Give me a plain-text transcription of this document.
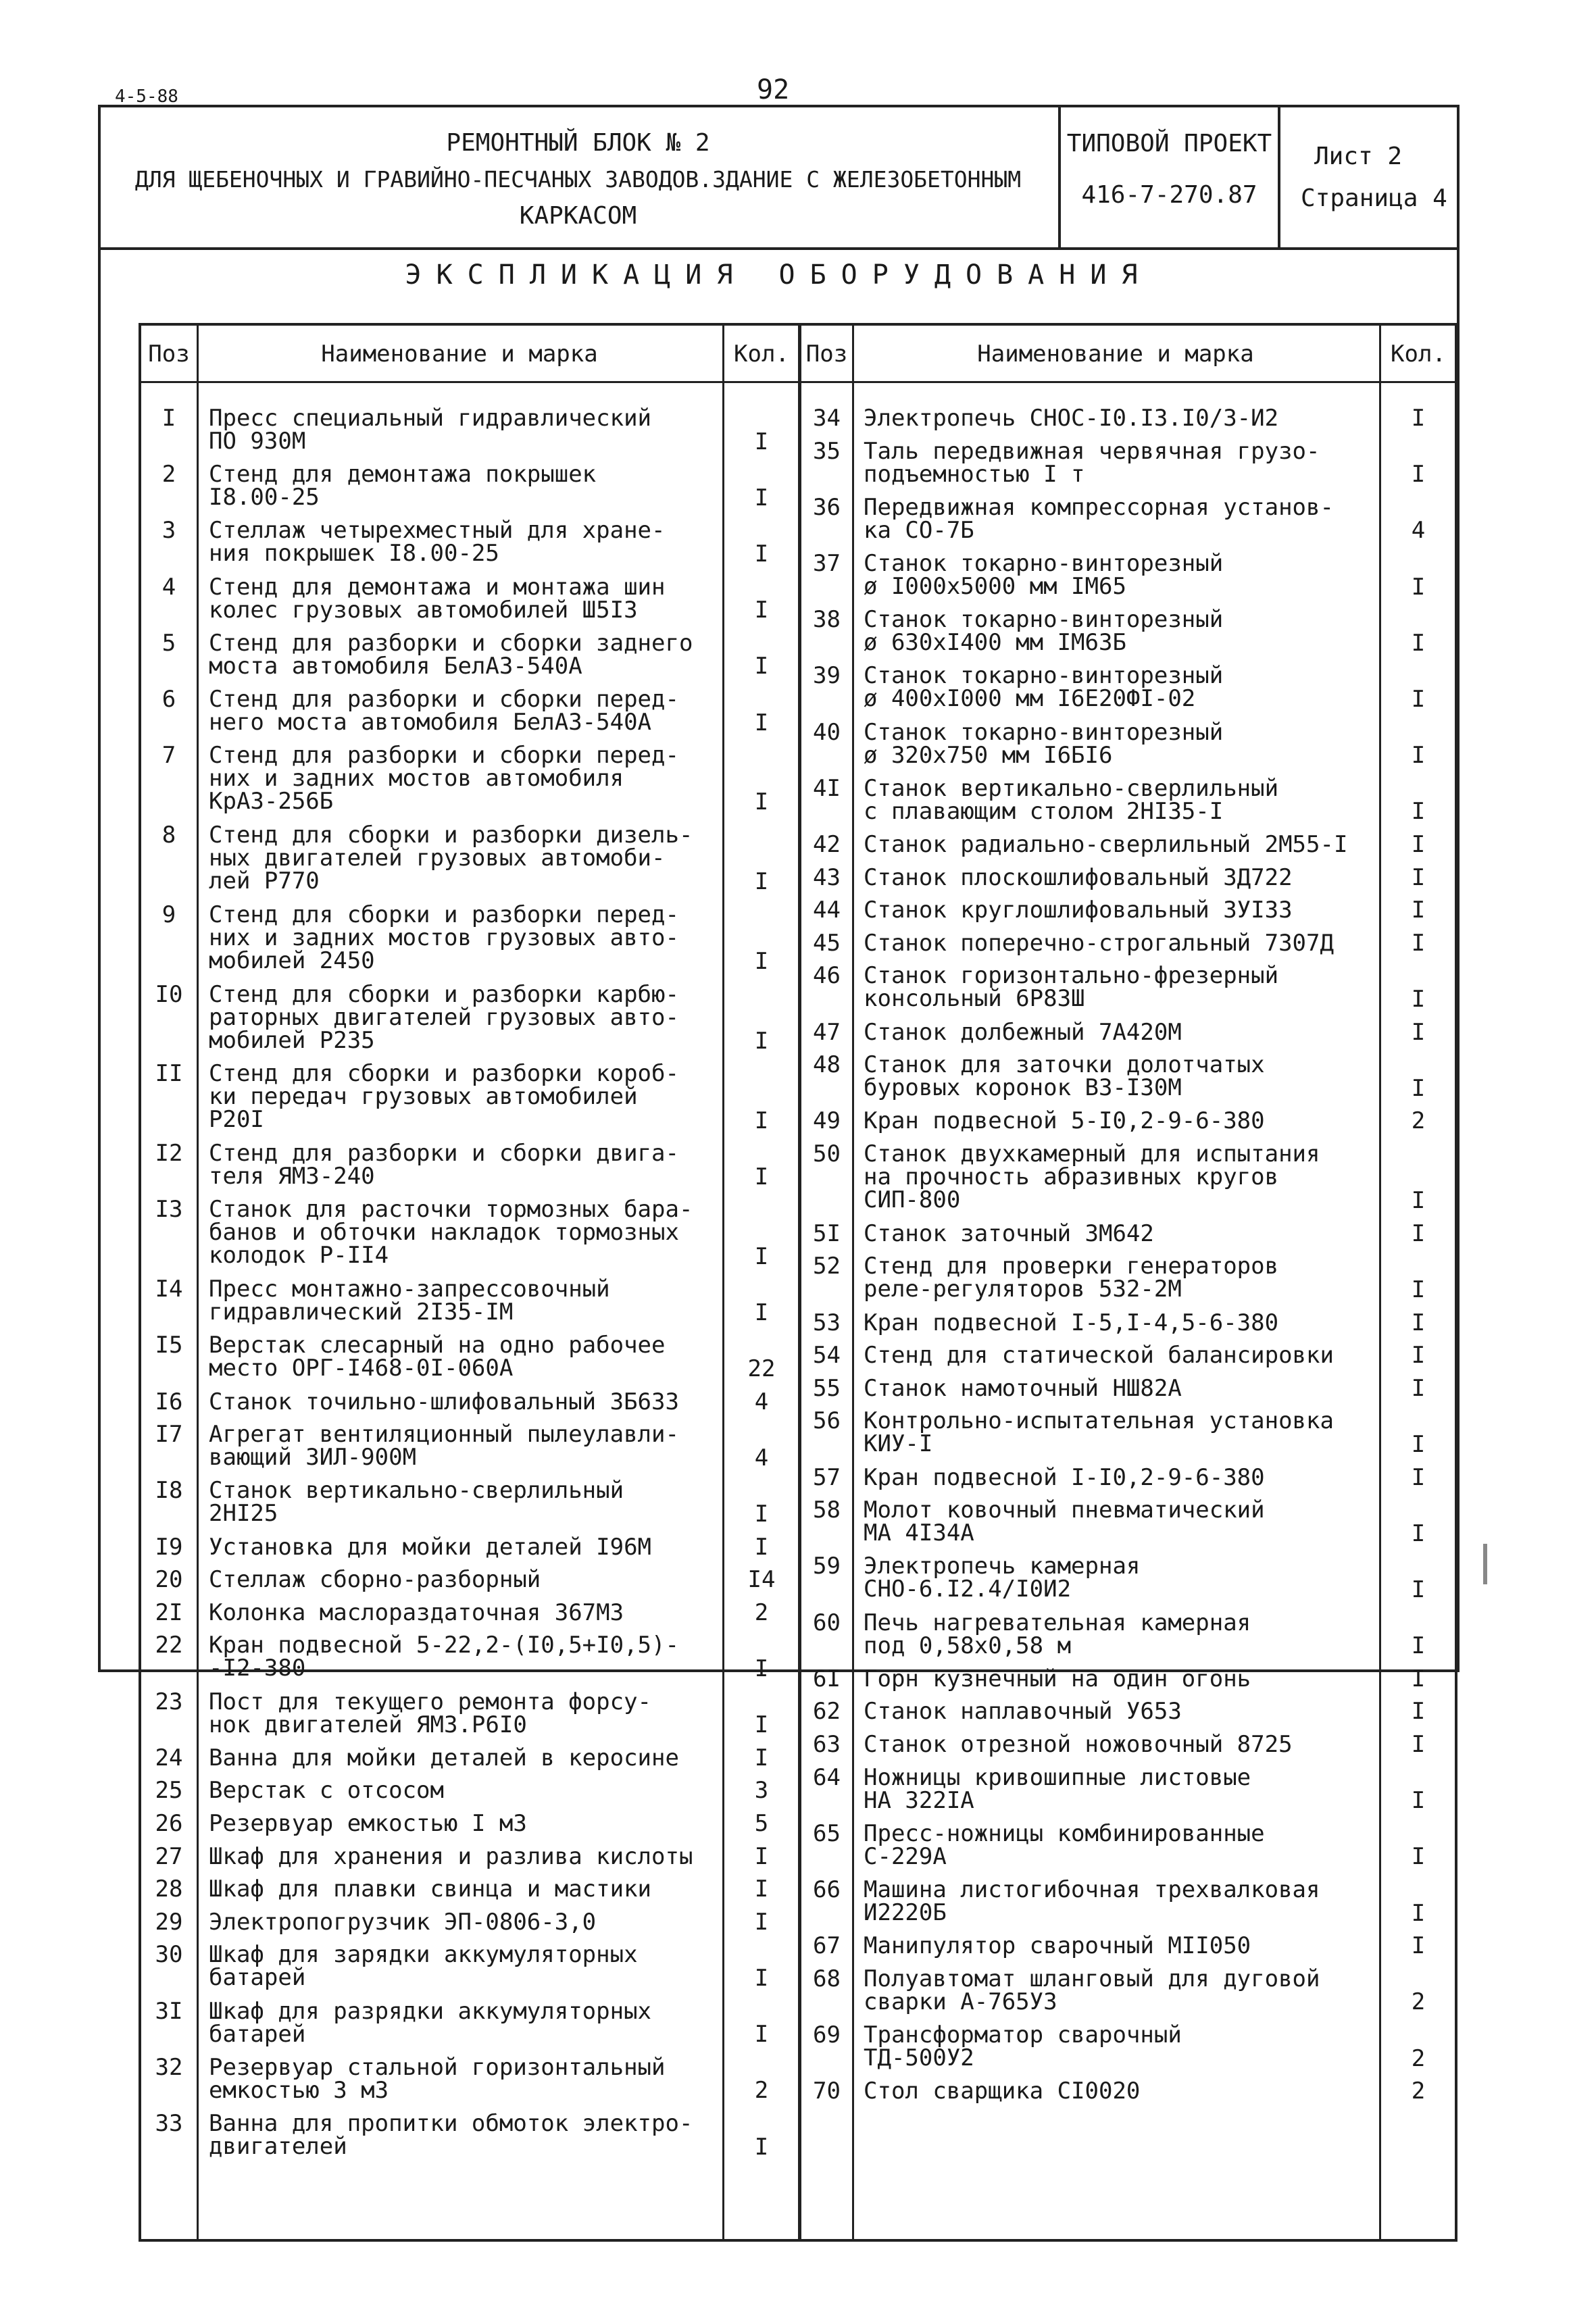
4-5-88	92
РЕМОНТНЫЙ БЛОК № 2
ДЛЯ ЩЕБЕНОЧНЫХ И ГРАВИЙНО-ПЕСЧАНЫХ ЗАВОДОВ.ЗДАНИЕ С ЖЕЛЕЗОБЕТОННЫМ
КАРКАСОМ
ТИПОВОЙ ПРОЕКТ
416-7-270.87
Лист 2
Страница 4
ЭКСПЛИКАЦИЯ ОБОРУДОВАНИЯ
Поз	Наименование и марка	Кол.
I	Пресс специальный гидравлический
ПО 930М	I
2	Стенд для демонтажа покрышек
I8.00-25	I
3	Стеллаж четырехместный для хране-
ния покрышек I8.00-25	I
4	Стенд для демонтажа и монтажа шин
колес грузовых автомобилей Ш5I3	I
5	Стенд для разборки и сборки заднего
моста автомобиля БелАЗ-540А	I
6	Стенд для разборки и сборки перед-
него моста автомобиля БелАЗ-540А	I
7	Стенд для разборки и сборки перед-
них и задних мостов автомобиля
КрАЗ-256Б	I
8	Стенд для сборки и разборки дизель-
ных двигателей грузовых автомоби-
лей Р770	I
9	Стенд для сборки и разборки перед-
них и задних мостов грузовых авто-
мобилей 2450	I
I0	Стенд для сборки и разборки карбю-
раторных двигателей грузовых авто-
мобилей Р235	I
II	Стенд для сборки и разборки короб-
ки передач грузовых автомобилей
Р20I	I
I2	Стенд для разборки и сборки двига-
теля ЯМЗ-240	I
I3	Станок для расточки тормозных бара-
банов и обточки накладок тормозных
колодок Р-II4	I
I4	Пресс монтажно-запрессовочный
гидравлический 2I35-IМ	I
I5	Верстак слесарный на одно рабочее
место ОРГ-I468-0I-060А	22
I6	Станок точильно-шлифовальный 3Б633	4
I7	Агрегат вентиляционный пылеулавли-
вающий ЗИЛ-900М	4
I8	Станок вертикально-сверлильный
2НI25	I
I9	Установка для мойки деталей I96М	I
20	Стеллаж сборно-разборный	I4
2I	Колонка маслораздаточная 367М3	2
22	Кран подвесной 5-22,2-(I0,5+I0,5)-
-I2-380	I
23	Пост для текущего ремонта форсу-
нок двигателей ЯМЗ.Р6I0	I
24	Ванна для мойки деталей в керосине	I
25	Верстак с отсосом	3
26	Резервуар емкостью I м3	5
27	Шкаф для хранения и разлива кислоты	I
28	Шкаф для плавки свинца и мастики	I
29	Электропогрузчик ЭП-0806-3,0	I
30	Шкаф для зарядки аккумуляторных
батарей	I
3I	Шкаф для разрядки аккумуляторных
батарей	I
32	Резервуар стальной горизонтальный
емкостью 3 м3	2
33	Ванна для пропитки обмоток электро-
двигателей	I
Поз	Наименование и марка	Кол.
34	Электропечь СНОС-I0.I3.I0/3-И2	I
35	Таль передвижная червячная грузо-
подъемностью I т	I
36	Передвижная компрессорная установ-
ка СО-7Б	4
37	Станок токарно-винторезный
ø I000x5000 мм IМ65	I
38	Станок токарно-винторезный
ø 630xI400 мм IМ63Б	I
39	Станок токарно-винторезный
ø 400xI000 мм I6Е20ФI-02	I
40	Станок токарно-винторезный
ø 320x750 мм I6БI6	I
4I	Станок вертикально-сверлильный
с плавающим столом 2НI35-I	I
42	Станок радиально-сверлильный 2М55-I	I
43	Станок плоскошлифовальный 3Д722	I
44	Станок круглошлифовальный 3УI33	I
45	Станок поперечно-строгальный 7307Д	I
46	Станок горизонтально-фрезерный
консольный 6Р83Ш	I
47	Станок долбежный 7А420М	I
48	Станок для заточки долотчатых
буровых коронок ВЗ-I30М	I
49	Кран подвесной 5-I0,2-9-6-380	2
50	Станок двухкамерный для испытания
на прочность абразивных кругов
СИП-800	I
5I	Станок заточный 3М642	I
52	Стенд для проверки генераторов
реле-регуляторов 532-2М	I
53	Кран подвесной I-5,I-4,5-6-380	I
54	Стенд для статической балансировки	I
55	Станок намоточный НШ82А	I
56	Контрольно-испытательная установка
КИУ-I	I
57	Кран подвесной I-I0,2-9-6-380	I
58	Молот ковочный пневматический
МА 4I34А	I
59	Электропечь камерная
СНО-6.I2.4/I0И2	I
60	Печь нагревательная камерная
под 0,58x0,58 м	I
6I	Горн кузнечный на один огонь	I
62	Станок наплавочный У653	I
63	Станок отрезной ножовочный 8725	I
64	Ножницы кривошипные листовые
НА 322IА	I
65	Пресс-ножницы комбинированные
С-229А	I
66	Машина листогибочная трехвалковая
И2220Б	I
67	Манипулятор сварочный МII050	I
68	Полуавтомат шланговый для дуговой
сварки А-765У3	2
69	Трансформатор сварочный
ТД-500У2	2
70	Стол сварщика СI0020	2
